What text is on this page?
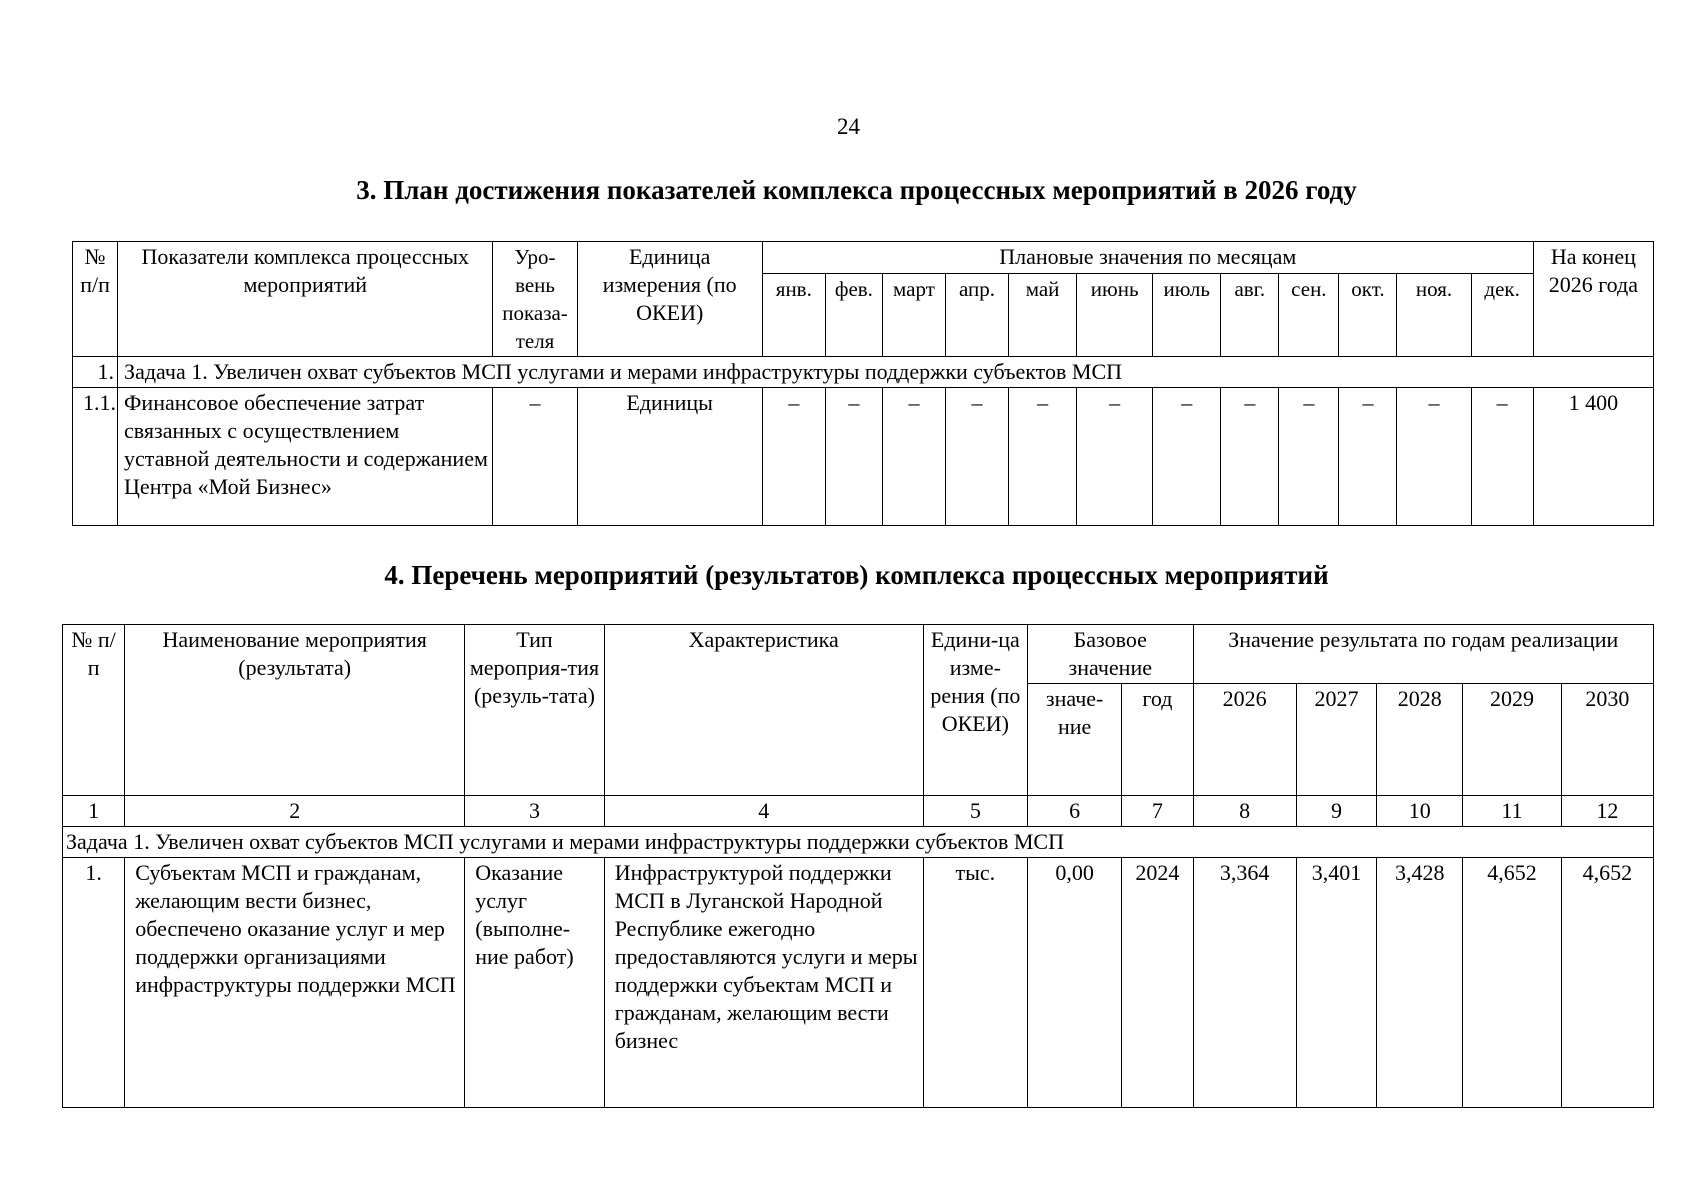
24
3. План достижения показателей комплекса процессных мероприятий в 2026 году
№ п/п	Показатели комплекса процессных мероприятий	Уро-вень показа-теля	Единица измерения (по ОКЕИ)	Плановые значения по месяцам												На конец 2026 года
				янв.	фев.	март	апр.	май	июнь	июль	авг.	сен.	окт.	ноя.	дек.	
1.	Задача 1. Увеличен охват субъектов МСП услугами и мерами инфраструктуры поддержки субъектов МСП															
1.1.	Финансовое обеспечение затрат связанных с осуществлением уставной деятельности и содержанием Центра «Мой Бизнес»	–	Единицы	–	–	–	–	–	–	–	–	–	–	–	–	1 400
4. Перечень мероприятий (результатов) комплекса процессных мероприятий
№ п/п	Наименование мероприятия (результата)	Тип мероприя-тия (резуль-тата)	Характеристика	Едини-ца изме-рения (по ОКЕИ)	Базовое значение		Значение результата по годам реализации				
					значе-ние	год	2026	2027	2028	2029	2030
1	2	3	4	5	6	7	8	9	10	11	12
Задача 1. Увеличен охват субъектов МСП услугами и мерами инфраструктуры поддержки субъектов МСП											
1.	Субъектам МСП и гражданам, желающим вести бизнес, обеспечено оказание услуг и мер поддержки организациями инфраструктуры поддержки МСП	Оказание услуг (выполне-ние работ)	Инфраструктурой поддержки МСП в Луганской Народной Республике ежегодно предоставляются услуги и меры поддержки субъектам МСП и гражданам, желающим вести бизнес	тыс.	0,00	2024	3,364	3,401	3,428	4,652	4,652
